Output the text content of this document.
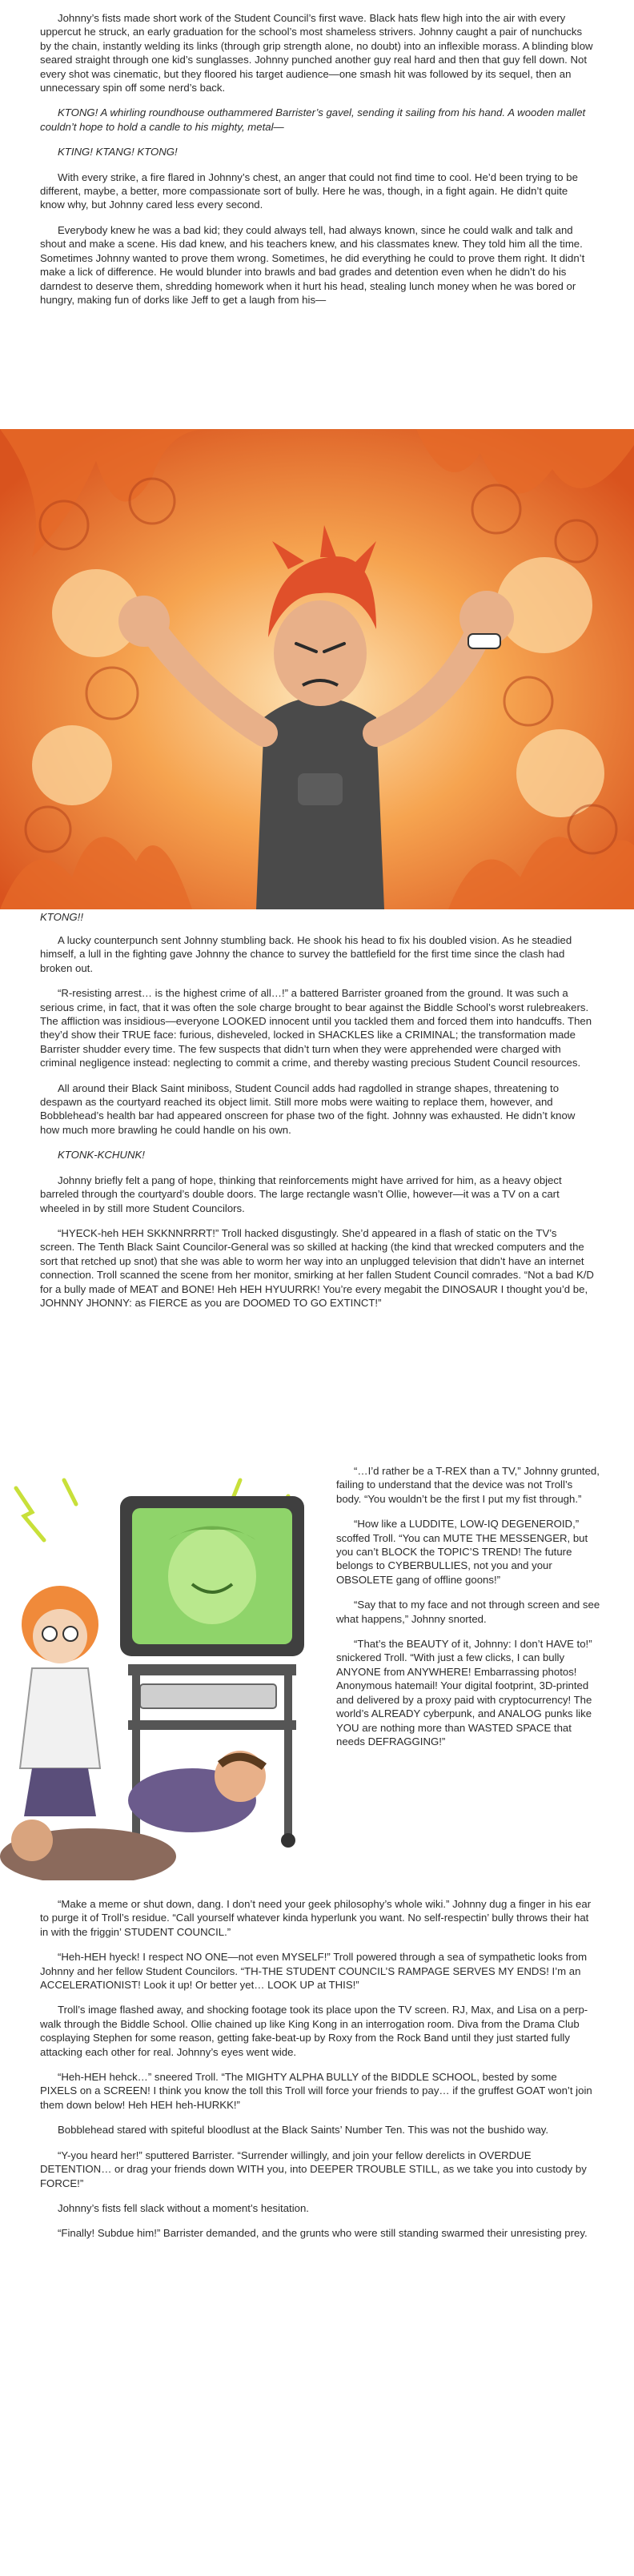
Johnny’s fists made short work of the Student Council’s first wave. Black hats flew high into the air with every uppercut he struck, an early graduation for the school’s most shameless strivers. Johnny caught a pair of nunchucks by the chain, instantly welding its links (through grip strength alone, no doubt) into an inflexible morass. A blinding blow seared straight through one kid’s sunglasses. Johnny punched another guy real hard and then that guy fell down. Not every shot was cinematic, but they floored his target audience—one smash hit was followed by its sequel, then an unnecessary spin off some nerd’s back.

KTONG! A whirling roundhouse outhammered Barrister’s gavel, sending it sailing from his hand. A wooden mallet couldn’t hope to hold a candle to his mighty, metal—

KTING! KTANG! KTONG!

With every strike, a fire flared in Johnny’s chest, an anger that could not find time to cool. He’d been trying to be different, maybe, a better, more compassionate sort of bully. Here he was, though, in a fight again. He didn’t quite know why, but Johnny cared less every second.

Everybody knew he was a bad kid; they could always tell, had always known, since he could walk and talk and shout and make a scene. His dad knew, and his teachers knew, and his classmates knew. They told him all the time. Sometimes Johnny wanted to prove them wrong. Sometimes, he did everything he could to prove them right. It didn’t make a lick of difference. He would blunder into brawls and bad grades and detention even when he didn’t do his darndest to deserve them, shredding homework when it hurt his head, stealing lunch money when he was bored or hungry, making fun of dorks like Jeff to get a laugh from his—

KTONG!!

A lucky counterpunch sent Johnny stumbling back. He shook his head to fix his doubled vision. As he steadied himself, a lull in the fighting gave Johnny the chance to survey the battlefield for the first time since the clash had broken out.

“R-resisting arrest… is the highest crime of all…!” a battered Barrister groaned from the ground. It was such a serious crime, in fact, that it was often the sole charge brought to bear against the Biddle School’s worst rulebreakers. The affliction was insidious—everyone LOOKED innocent until you tackled them and forced them into handcuffs. Then they’d show their TRUE face: furious, disheveled, locked in SHACKLES like a CRIMINAL; the transformation made Barrister shudder every time. The few suspects that didn’t turn when they were apprehended were charged with criminal negligence instead: neglecting to commit a crime, and thereby wasting precious Student Council resources.

All around their Black Saint miniboss, Student Council adds had ragdolled in strange shapes, threatening to despawn as the courtyard reached its object limit. Still more mobs were waiting to replace them, however, and Bobblehead’s health bar had appeared onscreen for phase two of the fight. Johnny was exhausted. He didn’t know how much more brawling he could handle on his own.

KTONK-KCHUNK!

Johnny briefly felt a pang of hope, thinking that reinforcements might have arrived for him, as a heavy object barreled through the courtyard’s double doors. The large rectangle wasn’t Ollie, however—it was a TV on a cart wheeled in by still more Student Councilors.

“HYECK-heh HEH SKKNNRRRT!” Troll hacked disgustingly. She’d appeared in a flash of static on the TV’s screen. The Tenth Black Saint Councilor-General was so skilled at hacking (the kind that wrecked computers and the sort that retched up snot) that she was able to worm her way into an unplugged television that didn’t have an internet connection. Troll scanned the scene from her monitor, smirking at her fallen Student Council comrades. “Not a bad K/D for a bully made of MEAT and BONE! Heh HEH HYUURRK! You’re every megabit the DINOSAUR I thought you’d be, JOHNNY JHONNY: as FIERCE as you are DOOMED TO GO EXTINCT!”

“…I’d rather be a T-REX than a TV,” Johnny grunted, failing to understand that the device was not Troll’s body. “You wouldn’t be the first I put my fist through.”

“How like a LUDDITE, LOW-IQ DEGENEROID,” scoffed Troll. “You can MUTE THE MESSENGER, but you can’t BLOCK the TOPIC’S TREND! The future belongs to CYBERBULLIES, not you and your OBSOLETE gang of offline goons!”

“Say that to my face and not through screen and see what happens,” Johnny snorted.

“That’s the BEAUTY of it, Johnny: I don’t HAVE to!” snickered Troll. “With just a few clicks, I can bully ANYONE from ANYWHERE! Embarrassing photos! Anonymous hatemail! Your digital footprint, 3D-printed and delivered by a proxy paid with cryptocurrency! The world’s ALREADY cyberpunk, and ANALOG punks like YOU are nothing more than WASTED SPACE that needs DEFRAGGING!”

“Make a meme or shut down, dang. I don’t need your geek philosophy’s whole wiki.” Johnny dug a finger in his ear to purge it of Troll’s residue. “Call yourself whatever kinda hyperlunk you want. No self-respectin’ bully throws their hat in with the friggin’ STUDENT COUNCIL.”

“Heh-HEH hyeck! I respect NO ONE—not even MYSELF!” Troll powered through a sea of sympathetic looks from Johnny and her fellow Student Councilors. “TH-THE STUDENT COUNCIL’S RAMPAGE SERVES MY ENDS! I’m an ACCELERATIONIST! Look it up! Or better yet… LOOK UP at THIS!”

Troll’s image flashed away, and shocking footage took its place upon the TV screen. RJ, Max, and Lisa on a perp-walk through the Biddle School. Ollie chained up like King Kong in an interrogation room. Diva from the Drama Club cosplaying Stephen for some reason, getting fake-beat-up by Roxy from the Rock Band until they just started fully attacking each other for real. Johnny’s eyes went wide.

“Heh-HEH hehck…” sneered Troll. “The MIGHTY ALPHA BULLY of the BIDDLE SCHOOL, bested by some PIXELS on a SCREEN! I think you know the toll this Troll will force your friends to pay… if the gruffest GOAT won’t join them down below! Heh HEH heh-HURKK!”

Bobblehead stared with spiteful bloodlust at the Black Saints’ Number Ten. This was not the bushido way.

“Y-you heard her!” sputtered Barrister. “Surrender willingly, and join your fellow derelicts in OVERDUE DETENTION… or drag your friends down WITH you, into DEEPER TROUBLE STILL, as we take you into custody by FORCE!”

Johnny’s fists fell slack without a moment’s hesitation.

“Finally! Subdue him!” Barrister demanded, and the grunts who were still standing swarmed their unresisting prey.
